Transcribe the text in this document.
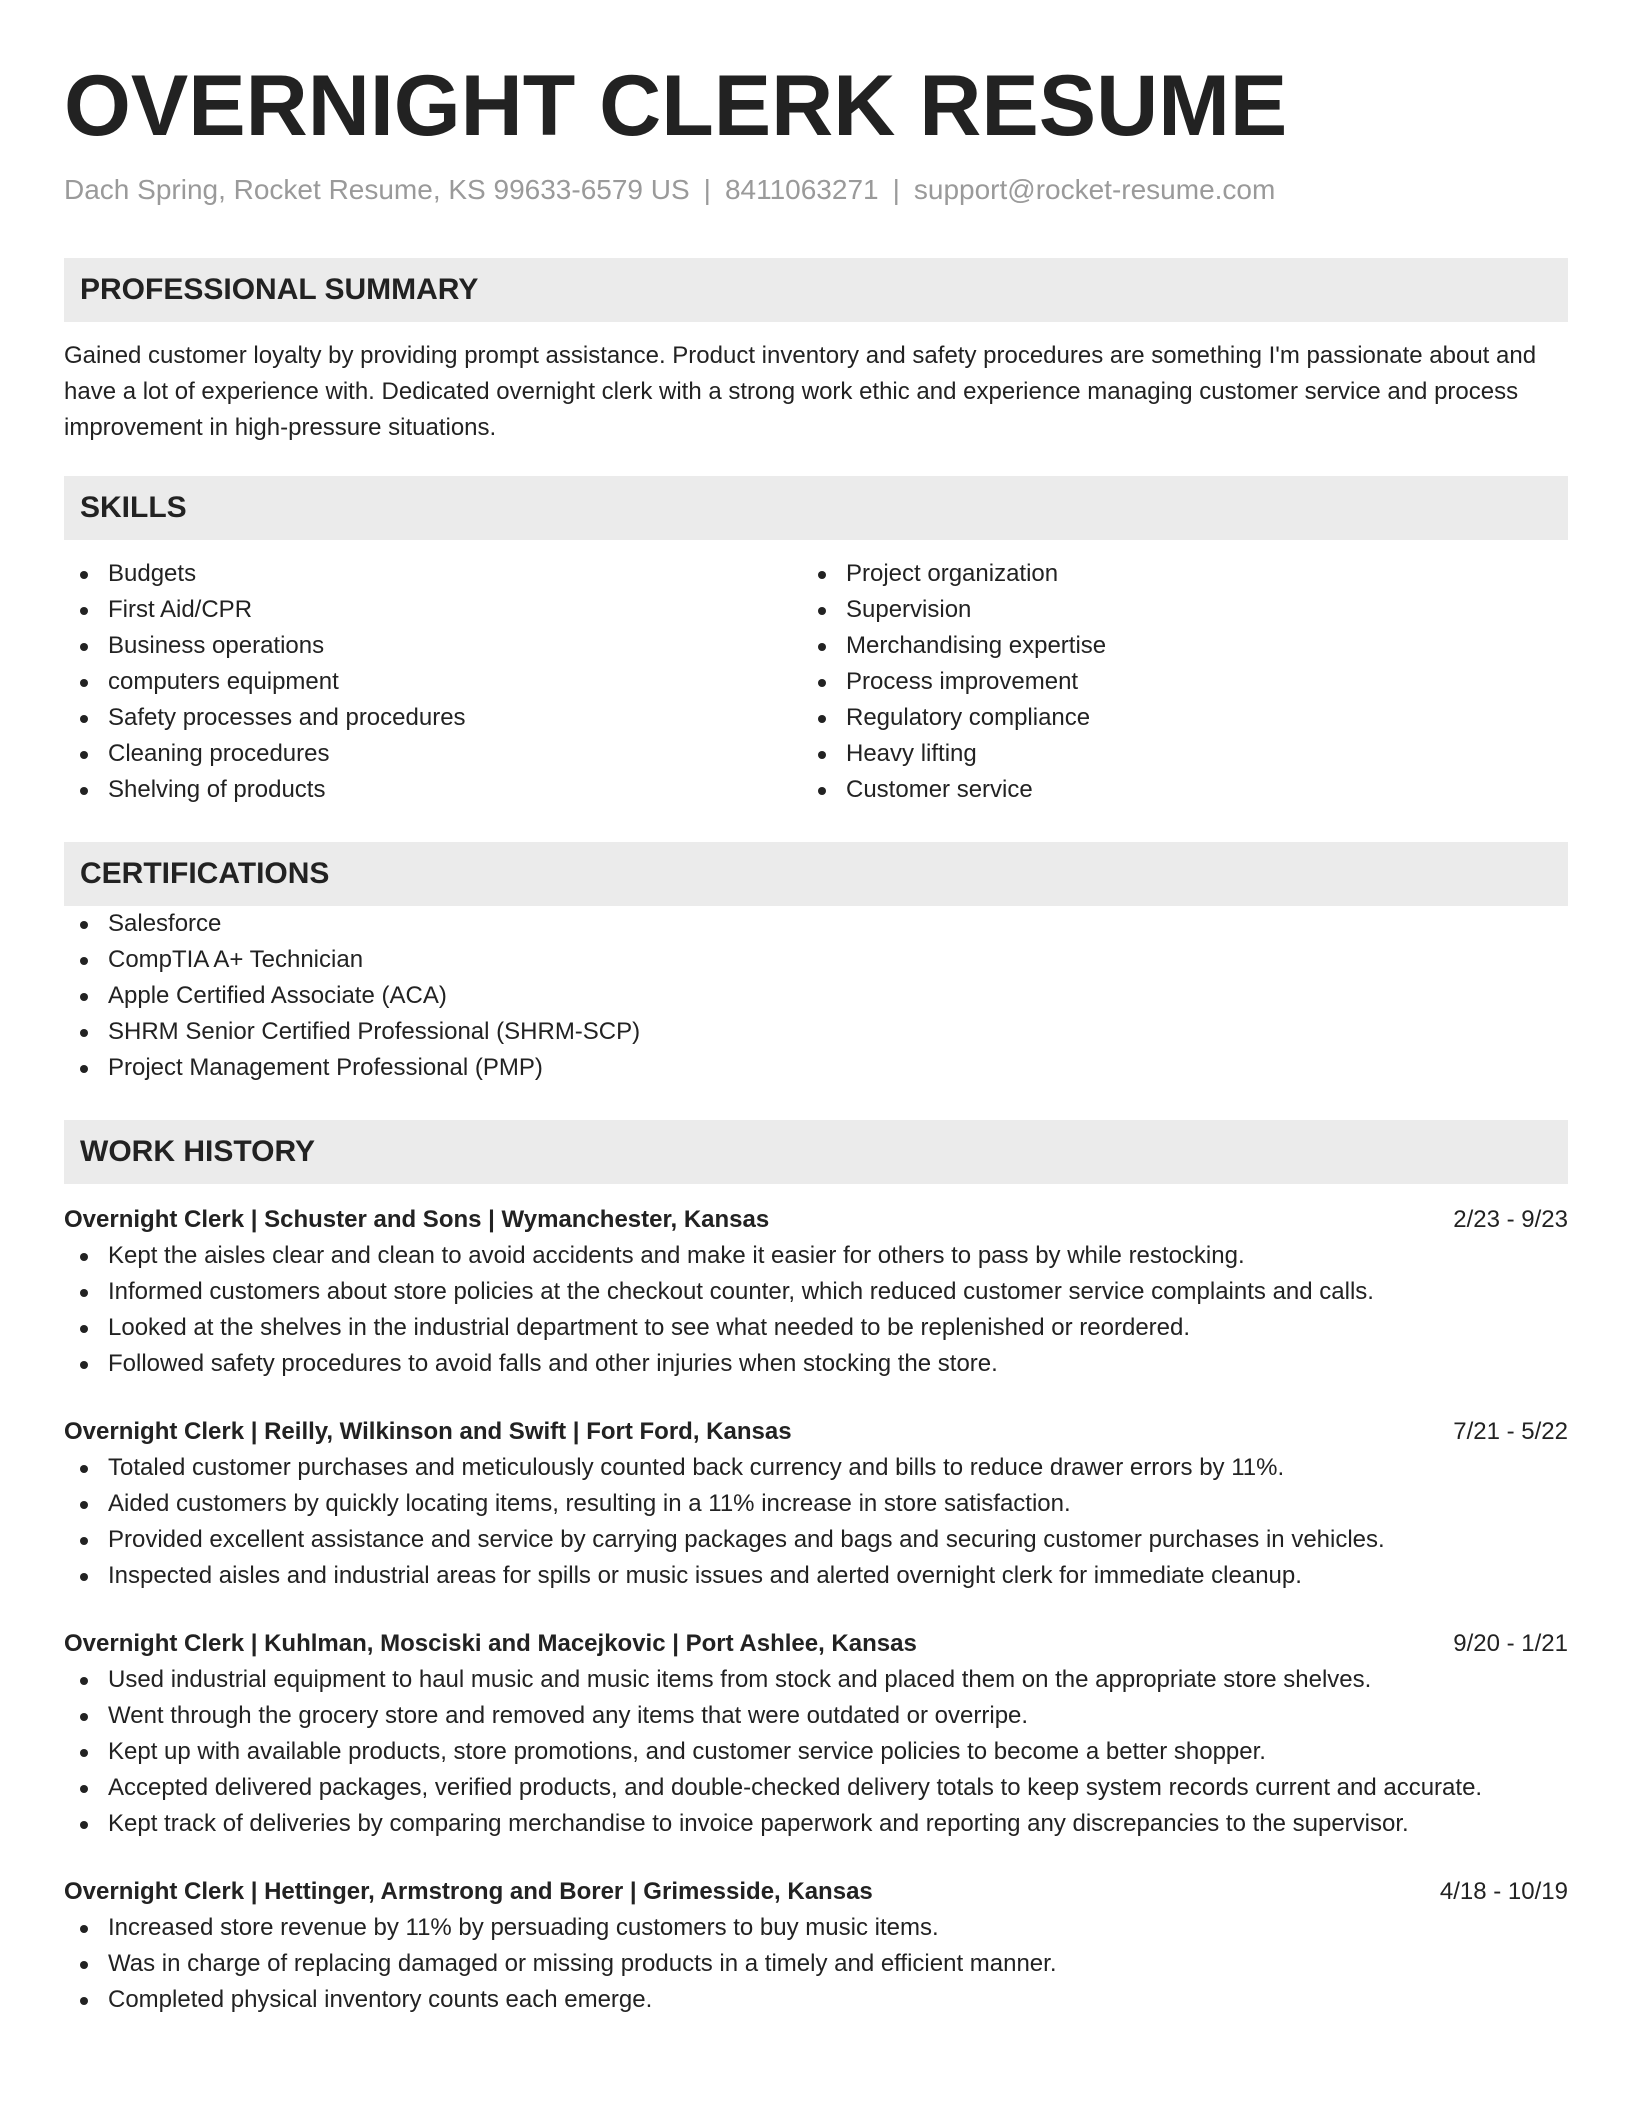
OVERNIGHT CLERK RESUME
Dach Spring, Rocket Resume, KS 99633-6579 US | 8411063271 | support@rocket-resume.com
PROFESSIONAL SUMMARY
Gained customer loyalty by providing prompt assistance. Product inventory and safety procedures are something I'm passionate about and have a lot of experience with. Dedicated overnight clerk with a strong work ethic and experience managing customer service and process improvement in high-pressure situations.
SKILLS
Budgets
First Aid/CPR
Business operations
computers equipment
Safety processes and procedures
Cleaning procedures
Shelving of products
Project organization
Supervision
Merchandising expertise
Process improvement
Regulatory compliance
Heavy lifting
Customer service
CERTIFICATIONS
Salesforce
CompTIA A+ Technician
Apple Certified Associate (ACA)
SHRM Senior Certified Professional (SHRM-SCP)
Project Management Professional (PMP)
WORK HISTORY
Overnight Clerk | Schuster and Sons | Wymanchester, Kansas	2/23 - 9/23
Kept the aisles clear and clean to avoid accidents and make it easier for others to pass by while restocking.
Informed customers about store policies at the checkout counter, which reduced customer service complaints and calls.
Looked at the shelves in the industrial department to see what needed to be replenished or reordered.
Followed safety procedures to avoid falls and other injuries when stocking the store.
Overnight Clerk | Reilly, Wilkinson and Swift | Fort Ford, Kansas	7/21 - 5/22
Totaled customer purchases and meticulously counted back currency and bills to reduce drawer errors by 11%.
Aided customers by quickly locating items, resulting in a 11% increase in store satisfaction.
Provided excellent assistance and service by carrying packages and bags and securing customer purchases in vehicles.
Inspected aisles and industrial areas for spills or music issues and alerted overnight clerk for immediate cleanup.
Overnight Clerk | Kuhlman, Mosciski and Macejkovic | Port Ashlee, Kansas	9/20 - 1/21
Used industrial equipment to haul music and music items from stock and placed them on the appropriate store shelves.
Went through the grocery store and removed any items that were outdated or overripe.
Kept up with available products, store promotions, and customer service policies to become a better shopper.
Accepted delivered packages, verified products, and double-checked delivery totals to keep system records current and accurate.
Kept track of deliveries by comparing merchandise to invoice paperwork and reporting any discrepancies to the supervisor.
Overnight Clerk | Hettinger, Armstrong and Borer | Grimesside, Kansas	4/18 - 10/19
Increased store revenue by 11% by persuading customers to buy music items.
Was in charge of replacing damaged or missing products in a timely and efficient manner.
Completed physical inventory counts each emerge.
